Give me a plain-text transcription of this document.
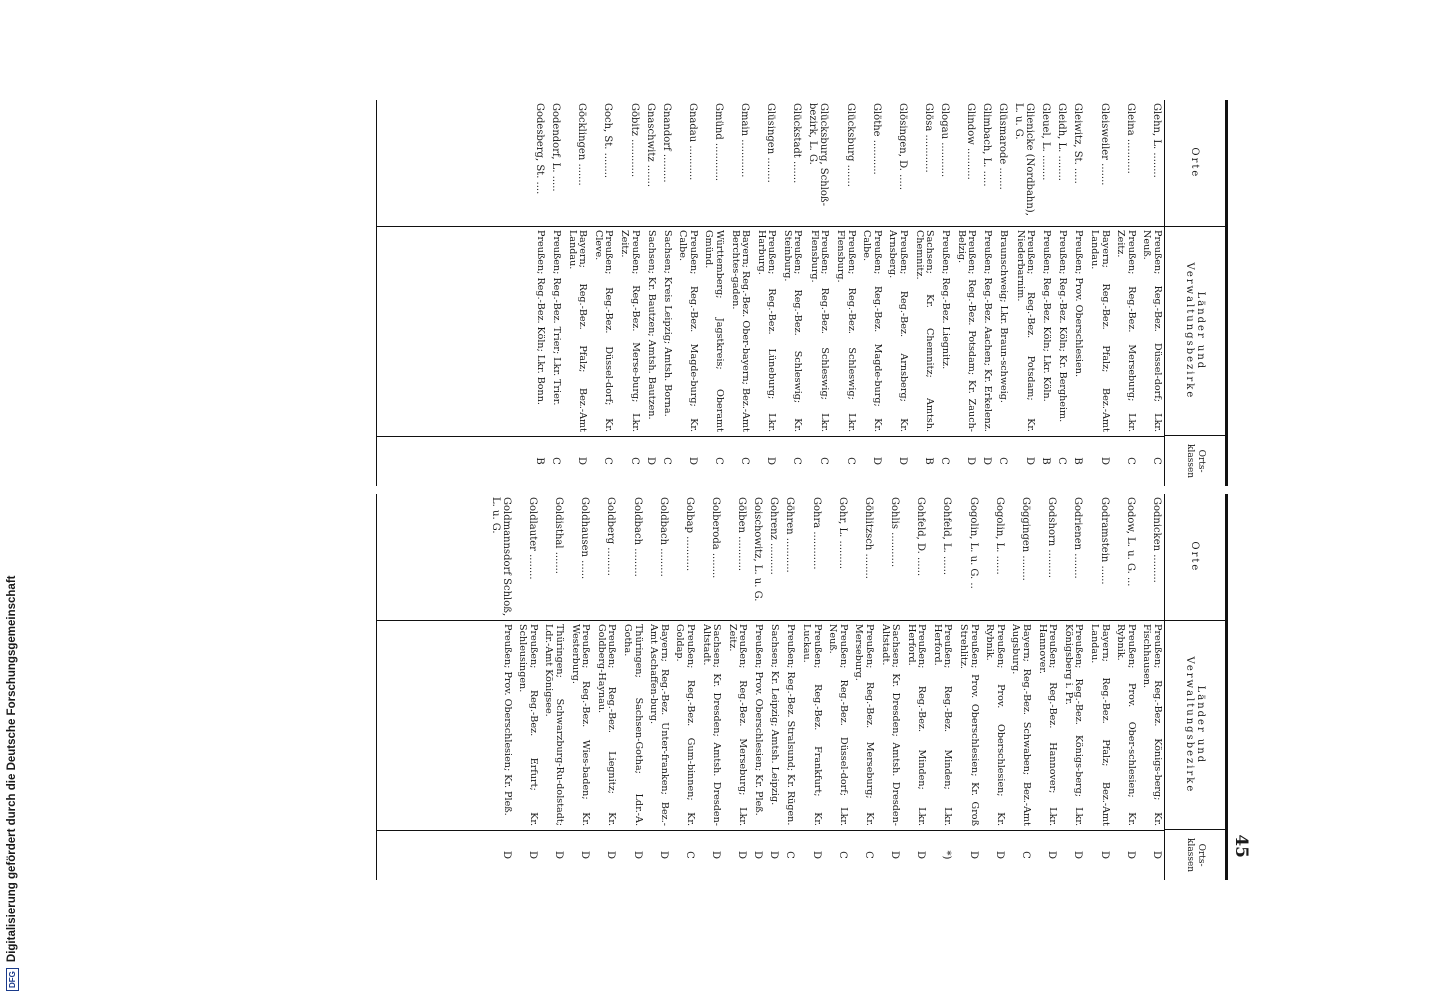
DFG
Digitalisierung gefördert durch die Deutsche Forschungsgemeinschaft	45
Orte
Länder und
Verwaltungsbezirke
Orts-
klassen
Glehn, L. ........
Preußen; Reg.-Bez. Düssel-dorf; Lkr. Neuß.
C
Gleina ...........
Preußen; Reg.-Bez. Merseburg; Lkr. Zeitz.
C
Gleisweiler .......
Bayern; Reg.-Bez. Pfalz; Bez.-Amt Landau.
D
Gleiwitz, St. .....
Preußen; Prov. Oberschlesien.
B
Gleidh, L. ........
Preußen; Reg.-Bez. Köln; Kr. Bergheim.
C
Gleuel, L. ........
Preußen; Reg.-Bez. Köln; Lkr. Köln.
B
Glienicke (Nordbahn), L. u. G.
Preußen; Reg.-Bez. Potsdam; Kr. Niederbarnim.
D
Glüsmarode .......
Braunschweig; Lkr. Braun-schweig.
C
Glimbach, L. .....
Preußen; Reg.-Bez. Aachen; Kr. Erkelenz.
D
Glindow ..........
Preußen; Reg.-Bez. Potsdam; Kr. Zauch-Belzig.
D
Glogau ...........
Preußen; Reg.-Bez. Liegnitz.
C
Glösa ............
Sachsen; Kr. Chemnitz; Amtsh. Chemnitz.
B
Glösingen, D. .....
Preußen; Reg.-Bez. Arnsberg; Kr. Arnsberg.
D
Glöthe ...........
Preußen; Reg.-Bez. Magde-burg; Kr. Calbe.
D
Glücksburg .......
Preußen; Reg.-Bez. Schleswig; Lkr. Flensburg.
C
Glücksburg, Schloß-bezirk, L. G.
Preußen; Reg.-Bez. Schleswig; Lkr. Flensburg.
C
Glückstadt .......
Preußen; Reg.-Bez. Schleswig; Kr. Steinburg.
C
Glüsingen ........
Preußen; Reg.-Bez. Lüneburg; Lkr. Harburg.
D
Gmain ............
Bayern; Reg.-Bez. Ober-bayern; Bez.-Amt Berchtes-gaden.
C
Gmünd ............
Württemberg; Jagstkreis; Oberamt Gmünd.
C
Gnadau ...........
Preußen; Reg.-Bez. Magde-burg; Kr. Calbe.
D
Gnandorf .........
Sachsen; Kreis Leipzig; Amtsh. Borna.
C
Gnaschwitz .......
Sachsen; Kr. Bautzen; Amtsh. Bautzen.
D
Göbitz ............
Preußen; Reg.-Bez. Merse-burg; Lkr. Zeitz.
C
Goch, St. ........
Preußen; Reg.-Bez. Düssel-dorf; Kr. Cleve.
C
Göcklingen .......
Bayern; Reg.-Bez. Pfalz; Bez.-Amt Landau.
D
Godendorf, L. .....
Preußen; Reg.-Bez. Trier; Lkr. Trier.
C
Godesberg, St. ....
Preußen; Reg.-Bez. Köln; Lkr. Bonn.
B
Orte
Länder und
Verwaltungsbezirke
Orts-
klassen
Godnicken .........
Preußen; Reg.-Bez. Königs-berg; Kr. Fischhausen.
D
Godow, L. u. G. ...
Preußen; Prov. Ober-schlesien; Kr. Rybnik.
D
Godramstein ......
Bayern; Reg.-Bez. Pfalz; Bez.-Amt Landau.
D
Godrienen ........
Preußen; Reg.-Bez. Königs-berg; Lkr. Königsberg i. Pr.
D
Godshorn .........
Preußen; Reg.-Bez. Hannover; Lkr. Hannover.
D
Göggingen ........
Bayern; Reg.-Bez. Schwaben; Bez.-Amt Augsburg.
C
Gogolin, L. ......
Preußen; Prov. Oberschlesien; Kr. Rybnik.
D
Gogolin, L. u. G. ..
Preußen; Prov. Oberschlesien; Kr. Groß Strehlitz.
D
Gohfeld, L. ......
Preußen; Reg.-Bez. Minden; Lkr. Herford.
*)
Gohfeld, D. ......
Preußen; Reg.-Bez. Minden; Lkr. Herford.
D
Gohlis ...........
Sachsen; Kr. Dresden; Amtsh. Dresden-Altstadt.
D
Göhlitzsch ........
Preußen; Reg.-Bez. Merseburg; Kr. Merseburg.
C
Gohr, L. .........
Preußen; Reg.-Bez. Düssel-dorf; Lkr. Neuß.
C
Gohra ............
Preußen; Reg.-Bez. Frankfurt; Kr. Luckau.
D
Göhren ...........
Preußen; Reg.-Bez. Stralsund; Kr. Rügen.
C
Gohrenz ..........
Sachsen; Kr. Leipzig; Amtsh. Leipzig.
D
Goischowitz, L. u. G.
Preußen; Prov. Oberschlesien; Kr. Pleß.
D
Gölben ...........
Preußen; Reg.-Bez. Merseburg; Lkr. Zeitz.
D
Golberoda ........
Sachsen; Kr. Dresden; Amtsh. Dresden-Altstadt.
D
Golbap ...........
Preußen; Reg.-Bez. Gum-binnen; Kr. Goldap.
C
Goldbach .........
Bayern; Reg.-Bez. Unter-franken; Bez.-Amt Aschaffen-burg.
D
Goldbach .........
Thüringen; Sachsen-Gotha; Ldr.-A. Gotha.
D
Goldberg .........
Preußen; Reg.-Bez. Liegnitz; Kr. Goldberg-Haynau.
D
Goldhausen ......
Preußen; Reg.-Bez. Wies-baden; Kr. Westerburg.
D
Goldisthal .......
Thüringen; Schwarzburg-Ru-dolstadt; Ldr.-Amt Königsee.
D
Goldlauter ........
Preußen; Reg.-Bez. Erfurt; Kr. Schleusingen.
D
Goldmannsdorf Schloß, L. u. G.
Preußen; Prov. Oberschlesien; Kr. Pleß.
D
